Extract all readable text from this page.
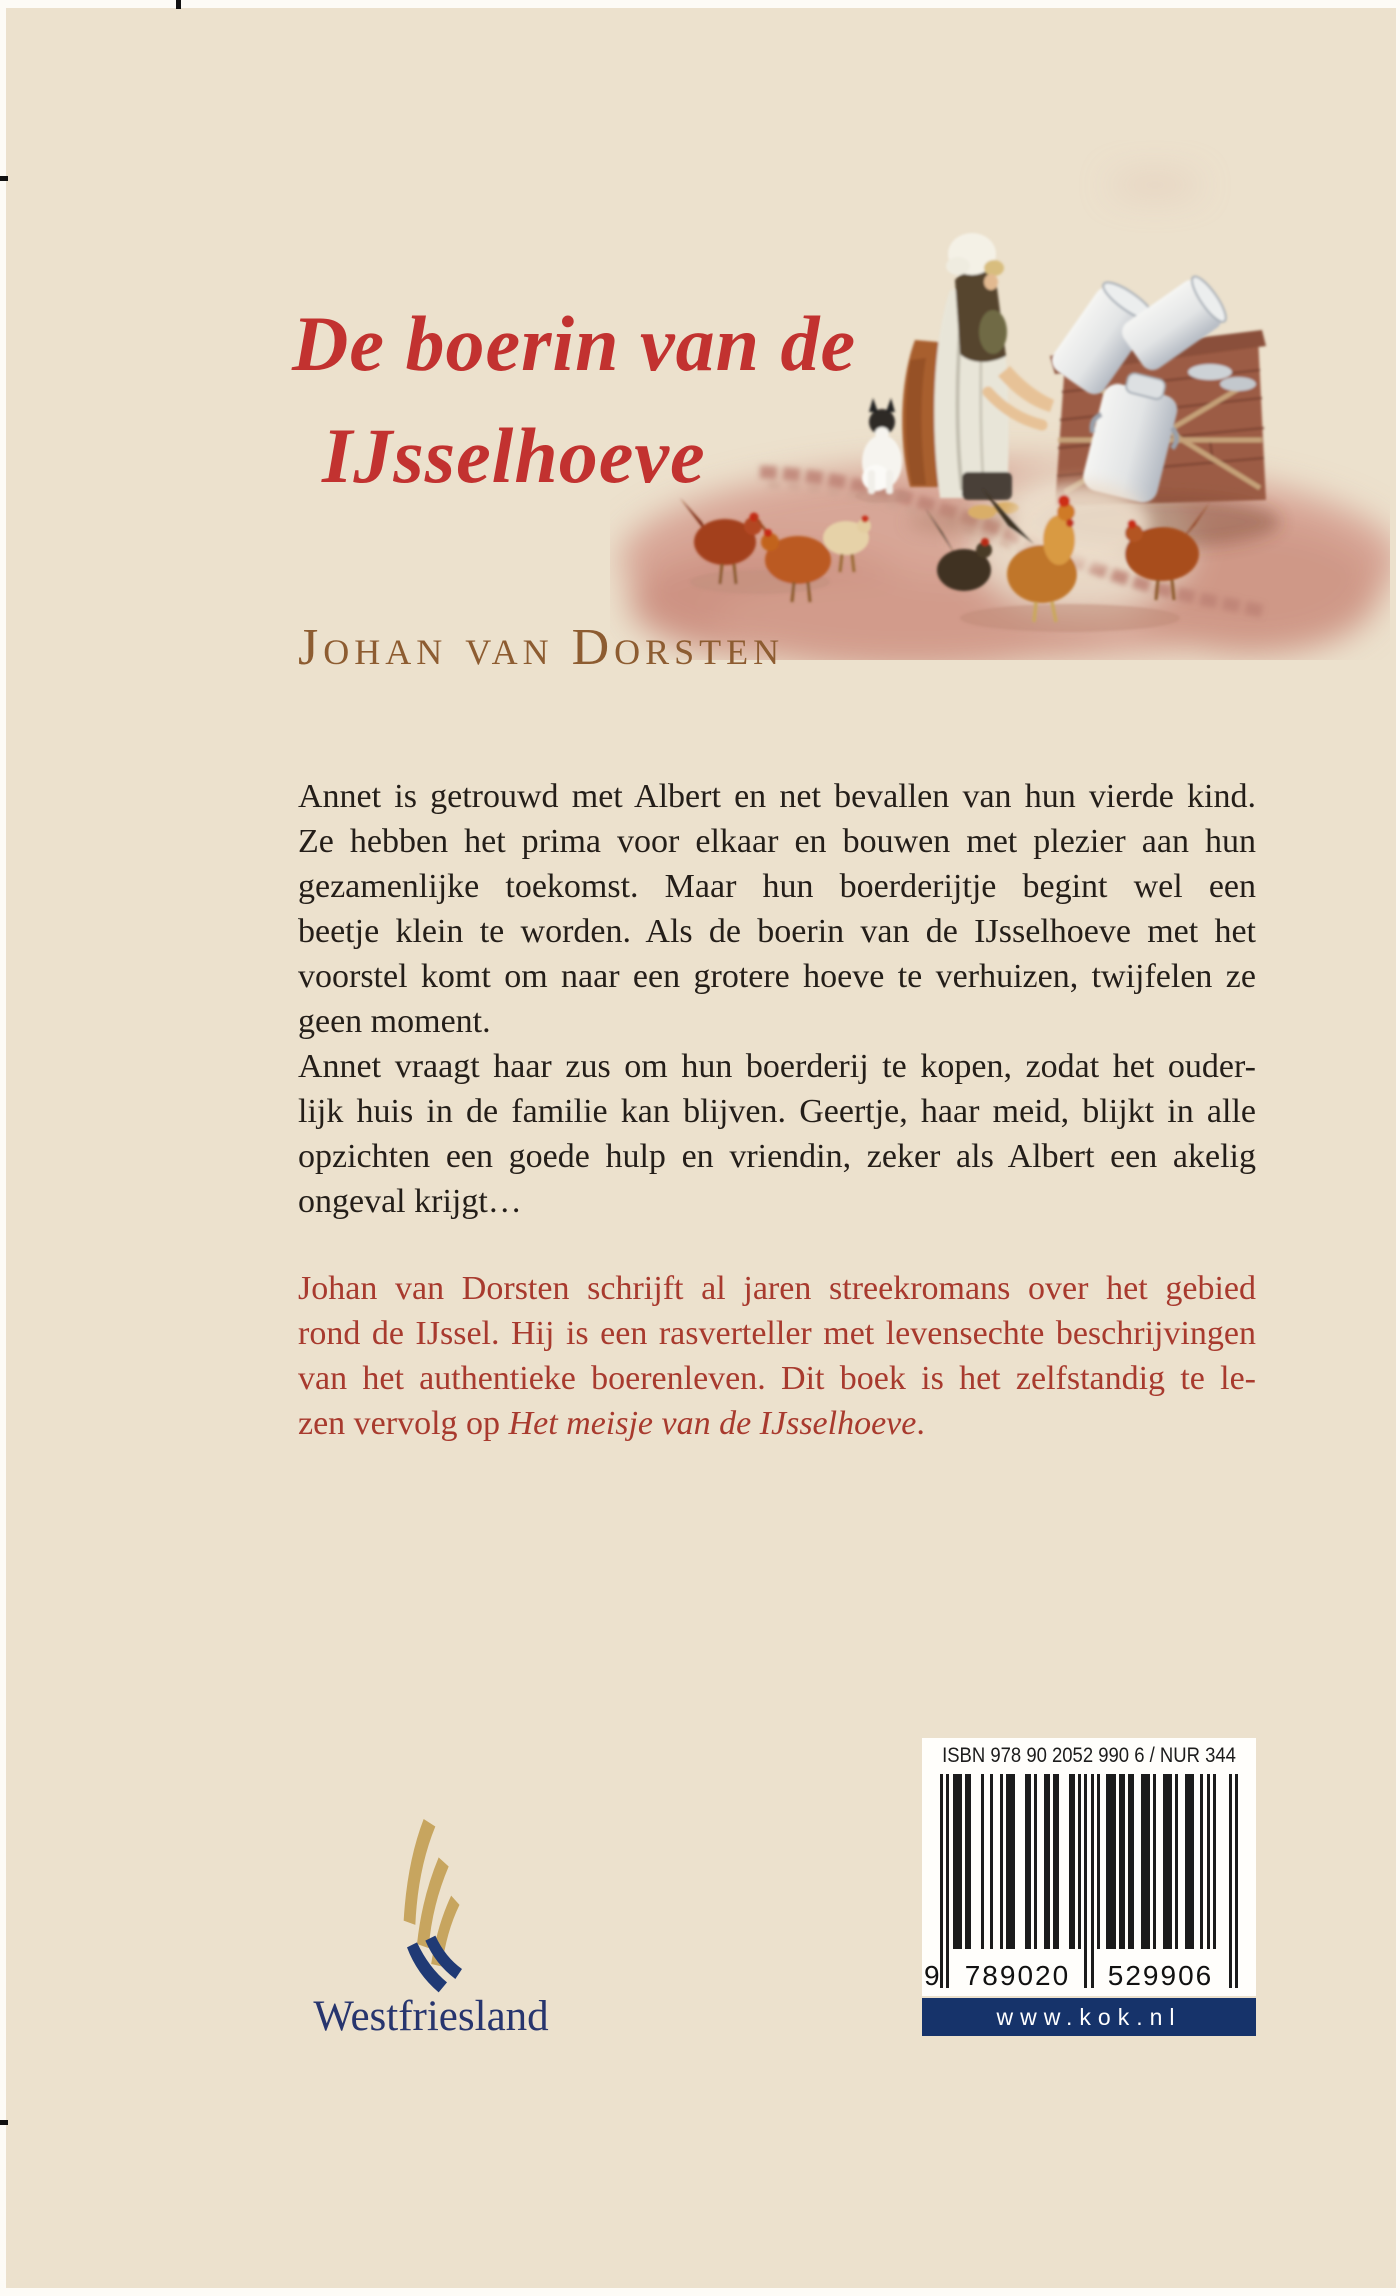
De boerin van de
IJsselhoeve
Johan van Dorsten
Annet is getrouwd met Albert en net bevallen van hun vierde kind.
Ze hebben het prima voor elkaar en bouwen met plezier aan hun
gezamenlijke toekomst. Maar hun boerderijtje begint wel een
beetje klein te worden. Als de boerin van de IJsselhoeve met het
voorstel komt om naar een grotere hoeve te verhuizen, twijfelen ze
geen moment.
Annet vraagt haar zus om hun boerderij te kopen, zodat het ouder-
lijk huis in de familie kan blijven. Geertje, haar meid, blijkt in alle
opzichten een goede hulp en vriendin, zeker als Albert een akelig
ongeval krijgt…
Johan van Dorsten schrijft al jaren streekromans over het gebied
rond de IJssel. Hij is een rasverteller met levensechte beschrijvingen
van het authentieke boerenleven. Dit boek is het zelfstandig te le-
zen vervolg op Het meisje van de IJsselhoeve.
Westfriesland
ISBN 978 90 2052 990 6 / NUR 344
9 789020	529906
www.kok.nl
